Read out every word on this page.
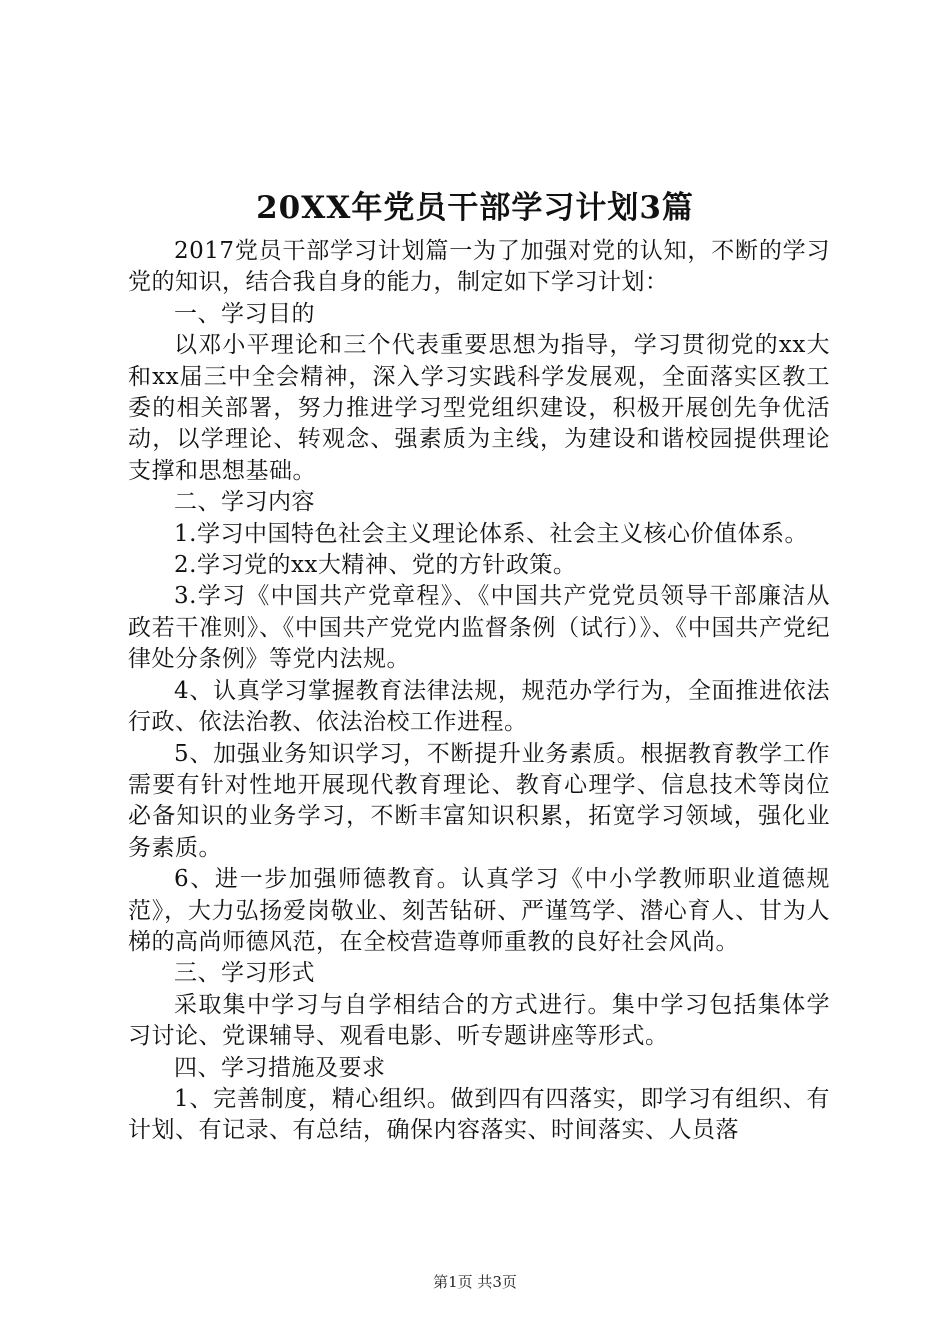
20XX年党员干部学习计划3篇

2017党员干部学习计划篇一为了加强对党的认知，不断的学习党的知识，结合我自身的能力，制定如下学习计划：

一、学习目的

以邓小平理论和三个代表重要思想为指导，学习贯彻党的xx大和xx届三中全会精神，深入学习实践科学发展观，全面落实区教工委的相关部署，努力推进学习型党组织建设，积极开展创先争优活动，以学理论、转观念、强素质为主线，为建设和谐校园提供理论支撑和思想基础。

二、学习内容

1.学习中国特色社会主义理论体系、社会主义核心价值体系。

2.学习党的xx大精神、党的方针政策。

3.学习《中国共产党章程》、《中国共产党党员领导干部廉洁从政若干准则》、《中国共产党党内监督条例（试行）》、《中国共产党纪律处分条例》等党内法规。

4、认真学习掌握教育法律法规，规范办学行为，全面推进依法行政、依法治教、依法治校工作进程。

5、加强业务知识学习，不断提升业务素质。根据教育教学工作需要有针对性地开展现代教育理论、教育心理学、信息技术等岗位必备知识的业务学习，不断丰富知识积累，拓宽学习领域，强化业务素质。

6、进一步加强师德教育。认真学习《中小学教师职业道德规范》，大力弘扬爱岗敬业、刻苦钻研、严谨笃学、潜心育人、甘为人梯的高尚师德风范，在全校营造尊师重教的良好社会风尚。

三、学习形式

采取集中学习与自学相结合的方式进行。集中学习包括集体学习讨论、党课辅导、观看电影、听专题讲座等形式。

四、学习措施及要求

1、完善制度，精心组织。做到四有四落实，即学习有组织、有计划、有记录、有总结，确保内容落实、时间落实、人员落

第1页 共3页
